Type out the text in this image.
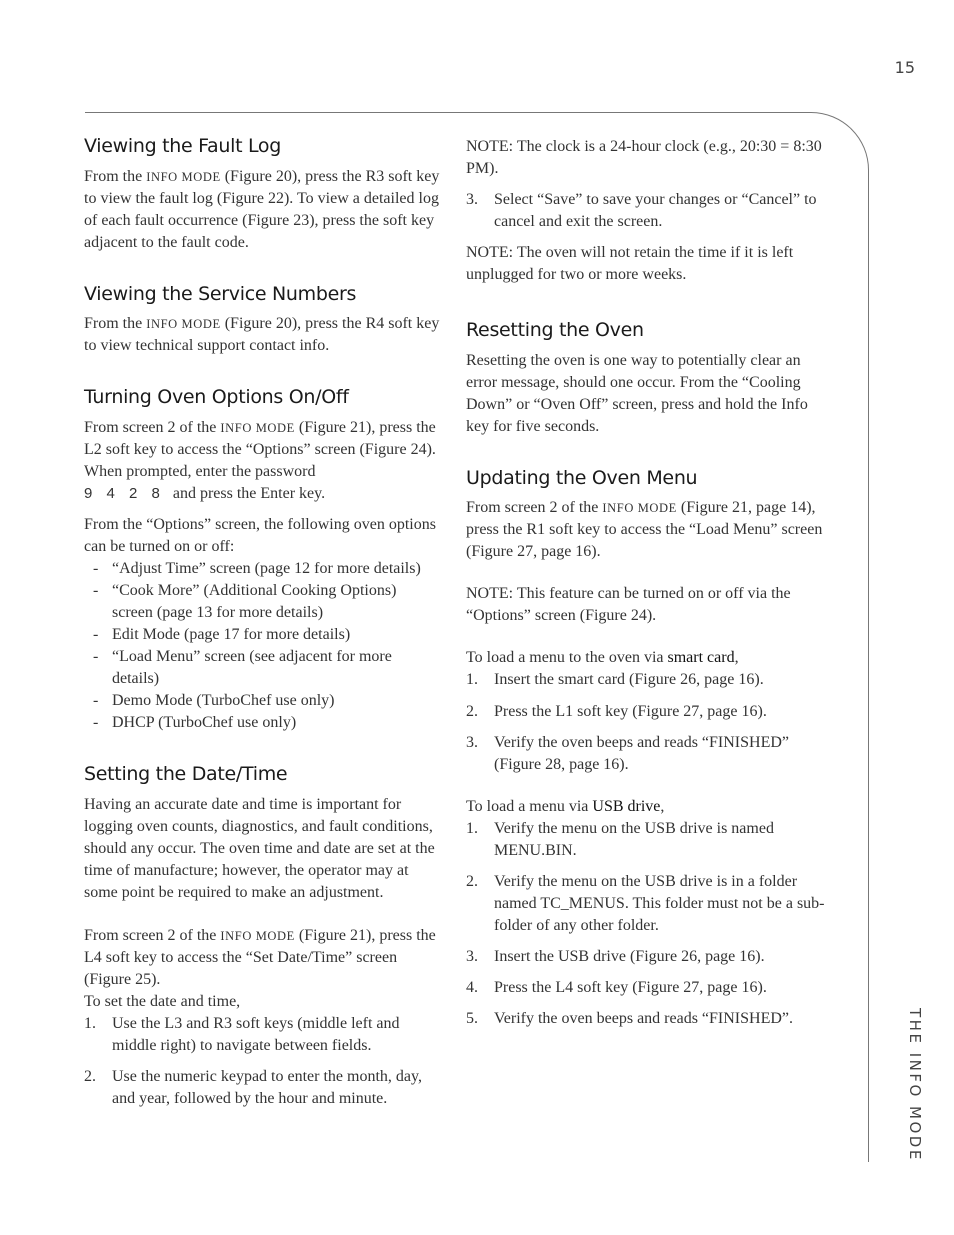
15
THE INFO MODE
Viewing the Fault Log

From the INFO MODE (Figure 20), press the R3 soft key to view the fault log (Figure 22). To view a detailed log of each fault occurrence (Figure 23), press the soft key adjacent to the fault code.

Viewing the Service Numbers

From the INFO MODE (Figure 20), press the R4 soft key to view technical support contact info.

Turning Oven Options On/Off

From screen 2 of the INFO MODE (Figure 21), press the L2 soft key to access the “Options” screen (Figure 24). When prompted, enter the password
9 4 2 8 and press the Enter key.

From the “Options” screen, the following oven options can be turned on or off:

- “Adjust Time” screen (page 12 for more details)
- “Cook More” (Additional Cooking Options) screen (page 13 for more details)
- Edit Mode (page 17 for more details)
- “Load Menu” screen (see adjacent for more details)
- Demo Mode (TurboChef use only)
- DHCP (TurboChef use only)
Setting the Date/Time

Having an accurate date and time is important for logging oven counts, diagnostics, and fault conditions, should any occur. The oven time and date are set at the time of manufacture; however, the operator may at some point be required to make an adjustment.

From screen 2 of the INFO MODE (Figure 21), press the L4 soft key to access the “Set Date/Time” screen (Figure 25).

To set the date and time,

1. Use the L3 and R3 soft keys (middle left and middle right) to navigate between fields.
2. Use the numeric keypad to enter the month, day, and year, followed by the hour and minute.

NOTE: The clock is a 24-hour clock (e.g., 20:30 = 8:30 PM).

3. Select “Save” to save your changes or “Cancel” to cancel and exit the screen.

NOTE: The oven will not retain the time if it is left unplugged for two or more weeks.

Resetting the Oven

Resetting the oven is one way to potentially clear an error message, should one occur. From the “Cooling Down” or “Oven Off” screen, press and hold the Info key for five seconds.

Updating the Oven Menu

From screen 2 of the INFO MODE (Figure 21, page 14), press the R1 soft key to access the “Load Menu” screen (Figure 27, page 16).

NOTE: This feature can be turned on or off via the “Options” screen (Figure 24).

To load a menu to the oven via smart card,

1. Insert the smart card (Figure 26, page 16).
2. Press the L1 soft key (Figure 27, page 16).
3. Verify the oven beeps and reads “FINISHED” (Figure 28, page 16).

To load a menu via USB drive,

1. Verify the menu on the USB drive is named MENU.BIN.
2. Verify the menu on the USB drive is in a folder named TC_MENUS. This folder must not be a sub-folder of any other folder.
3. Insert the USB drive (Figure 26, page 16).
4. Press the L4 soft key (Figure 27, page 16).
5. Verify the oven beeps and reads “FINISHED”.
